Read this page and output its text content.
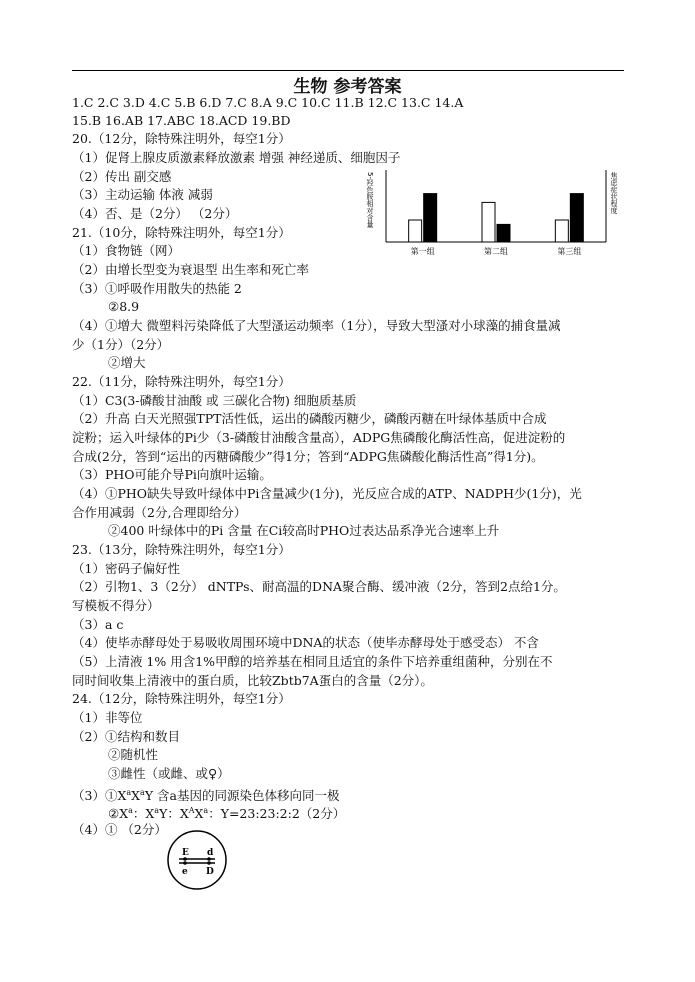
生物 参考答案
1.C 2.C 3.D 4.C 5.B 6.D 7.C 8.A 9.C 10.C 11.B 12.C 13.C 14.A
15.B 16.AB 17.ABC 18.ACD 19.BD
20.（12分，除特殊注明外，每空1分）
（1）促肾上腺皮质激素释放激素 增强 神经递质、细胞因子
（2）传出 副交感
（3）主动运输 体液 减弱
（4）否、是（2分） （2分）	5-羟色胺相对含量	焦虑症状程度
第一组	第二组	第三组
21.（10分，除特殊注明外，每空1分）
（1）食物链（网）
（2）由增长型变为衰退型 出生率和死亡率
（3）①呼吸作用散失的热能 2
②8.9
（4）①增大 微塑料污染降低了大型溞运动频率（1分），导致大型溞对小球藻的捕食量减
少（1分）（2分）
②增大
22.（11分，除特殊注明外，每空1分）
（1）C3(3-磷酸甘油酸 或 三碳化合物) 细胞质基质
（2）升高 白天光照强TPT活性低，运出的磷酸丙糖少，磷酸丙糖在叶绿体基质中合成
淀粉；运入叶绿体的Pi少（3-磷酸甘油酸含量高），ADPG焦磷酸化酶活性高，促进淀粉的
合成(2分，答到“运出的丙糖磷酸少”得1分；答到“ADPG焦磷酸化酶活性高”得1分)。
（3）PHO可能介导Pi向旗叶运输。
（4）①PHO缺失导致叶绿体中Pi含量减少(1分)，光反应合成的ATP、NADPH少(1分)，光
合作用减弱（2分,合理即给分）
②400 叶绿体中的Pi 含量 在Ci较高时PHO过表达品系净光合速率上升
23.（13分，除特殊注明外，每空1分）
（1）密码子偏好性
（2）引物1、3（2分） dNTPs、耐高温的DNA聚合酶、缓冲液（2分，答到2点给1分。
写模板不得分）
（3）a c
（4）使毕赤酵母处于易吸收周围环境中DNA的状态（使毕赤酵母处于感受态） 不含
（5）上清液 1% 用含1%甲醇的培养基在相同且适宜的条件下培养重组菌种，分别在不
同时间收集上清液中的蛋白质，比较Zbtb7A蛋白的含量（2分）。
24.（12分，除特殊注明外，每空1分）
（1）非等位
（2）①结构和数目
②随机性
③雌性（或雌、或♀）
$(3)①X^aX^aY$ 含a基因的同源染色体移向同一极
$②X^a$：$X^aY$：$X^AX^a$：Y=23:23:2:2（2分）
（4）① （2分）
E d
e D
